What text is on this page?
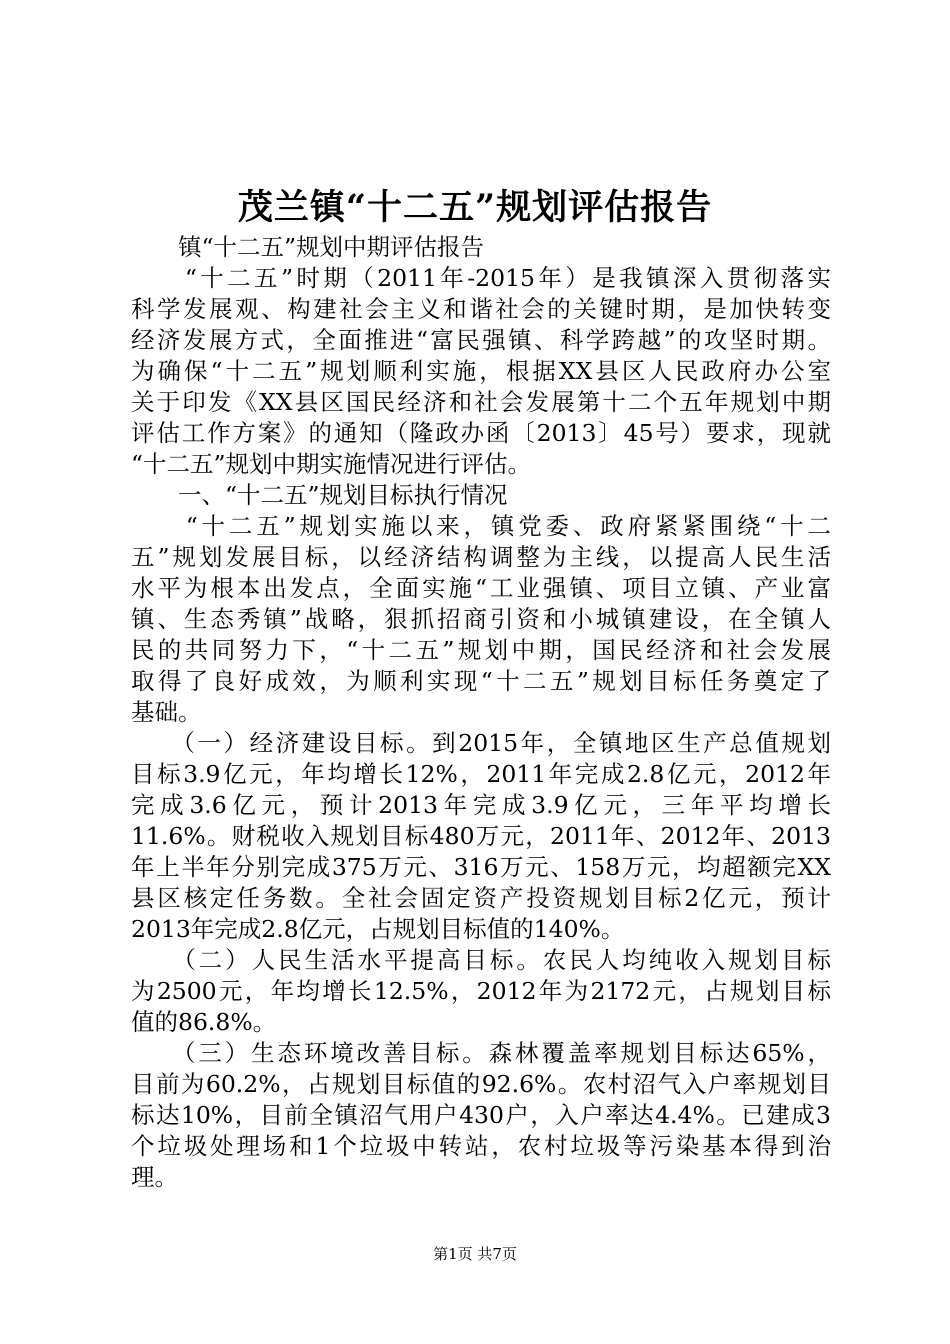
茂兰镇“十二五”规划评估报告
　　镇“十二五”规划中期评估报告
　　“十二五”时期（2011年-2015年）是我镇深入贯彻落实
科学发展观、构建社会主义和谐社会的关键时期，是加快转变
经济发展方式，全面推进“富民强镇、科学跨越”的攻坚时期。
为确保“十二五”规划顺利实施，根据XX县区人民政府办公室
关于印发《XX县区国民经济和社会发展第十二个五年规划中期
评估工作方案》的通知（隆政办函〔2013〕45号）要求，现就
“十二五”规划中期实施情况进行评估。
　　一、“十二五”规划目标执行情况
　　“十二五”规划实施以来，镇党委、政府紧紧围绕“十二
五”规划发展目标，以经济结构调整为主线，以提高人民生活
水平为根本出发点，全面实施“工业强镇、项目立镇、产业富
镇、生态秀镇”战略，狠抓招商引资和小城镇建设，在全镇人
民的共同努力下，“十二五”规划中期，国民经济和社会发展
取得了良好成效，为顺利实现“十二五”规划目标任务奠定了
基础。
　　（一）经济建设目标。到2015年，全镇地区生产总值规划
目标3.9亿元，年均增长12%，2011年完成2.8亿元，2012年
完成3.6亿元，预计2013年完成3.9亿元，三年平均增长
11.6%。财税收入规划目标480万元，2011年、2012年、2013
年上半年分别完成375万元、316万元、158万元，均超额完XX
县区核定任务数。全社会固定资产投资规划目标2亿元，预计
2013年完成2.8亿元，占规划目标值的140%。
　　（二）人民生活水平提高目标。农民人均纯收入规划目标
为2500元，年均增长12.5%，2012年为2172元，占规划目标
值的86.8%。
　　（三）生态环境改善目标。森林覆盖率规划目标达65%，
目前为60.2%，占规划目标值的92.6%。农村沼气入户率规划目
标达10%，目前全镇沼气用户430户，入户率达4.4%。已建成3
个垃圾处理场和1个垃圾中转站，农村垃圾等污染基本得到治
理。
第1页 共7页
